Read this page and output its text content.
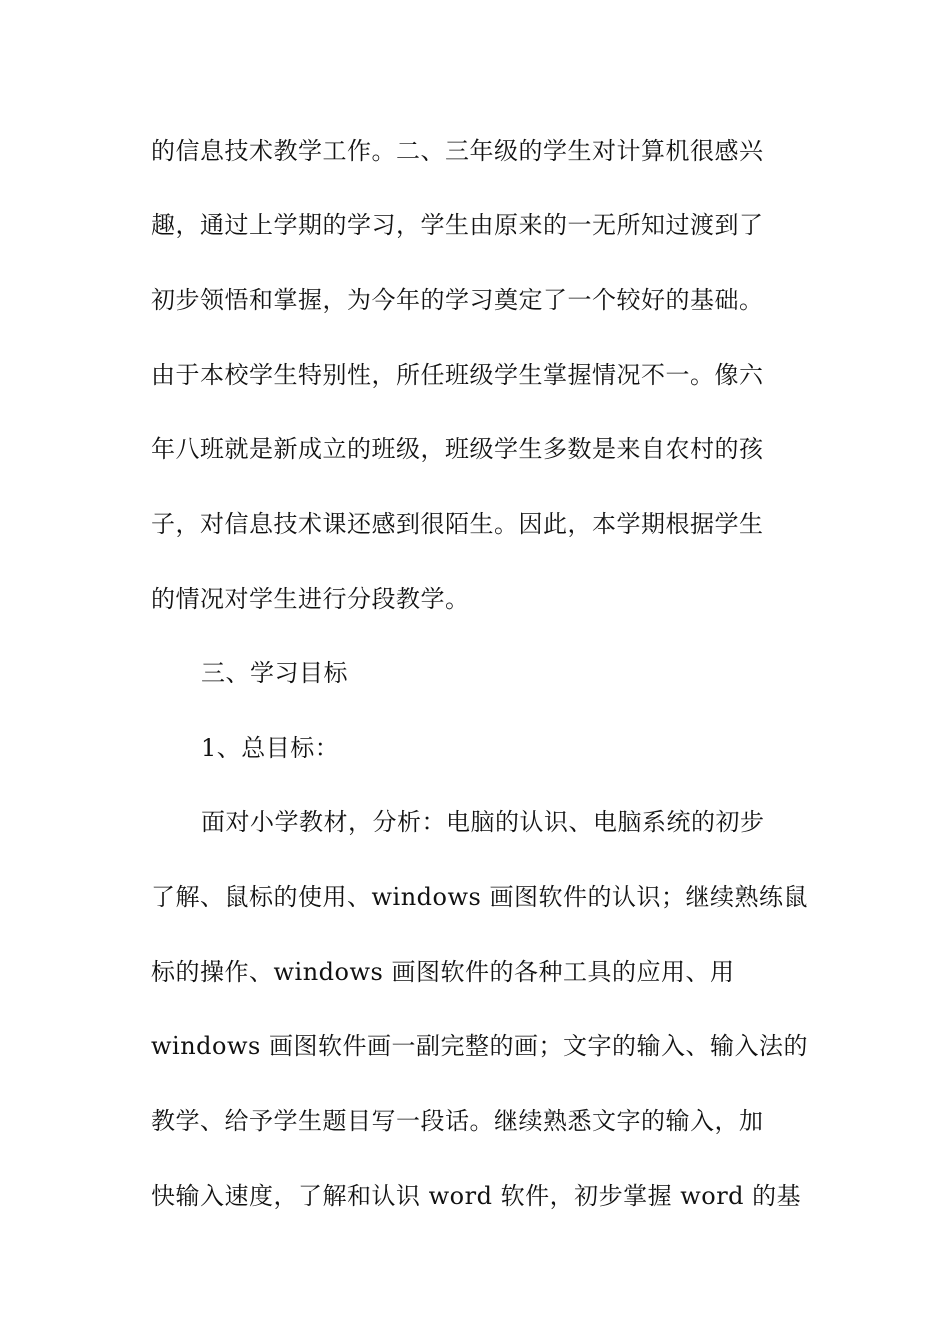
的信息技术教学工作。二、三年级的学生对计算机很感兴
趣，通过上学期的学习，学生由原来的一无所知过渡到了
初步领悟和掌握，为今年的学习奠定了一个较好的基础。
由于本校学生特别性，所任班级学生掌握情况不一。像六
年八班就是新成立的班级，班级学生多数是来自农村的孩
子，对信息技术课还感到很陌生。因此，本学期根据学生
的情况对学生进行分段教学。
三、学习目标
1、总目标：
面对小学教材，分析：电脑的认识、电脑系统的初步
了解、鼠标的使用、windows 画图软件的认识；继续熟练鼠
标的操作、windows 画图软件的各种工具的应用、用
windows 画图软件画一副完整的画；文字的输入、输入法的
教学、给予学生题目写一段话。继续熟悉文字的输入，加
快输入速度，了解和认识 word 软件，初步掌握 word 的基
